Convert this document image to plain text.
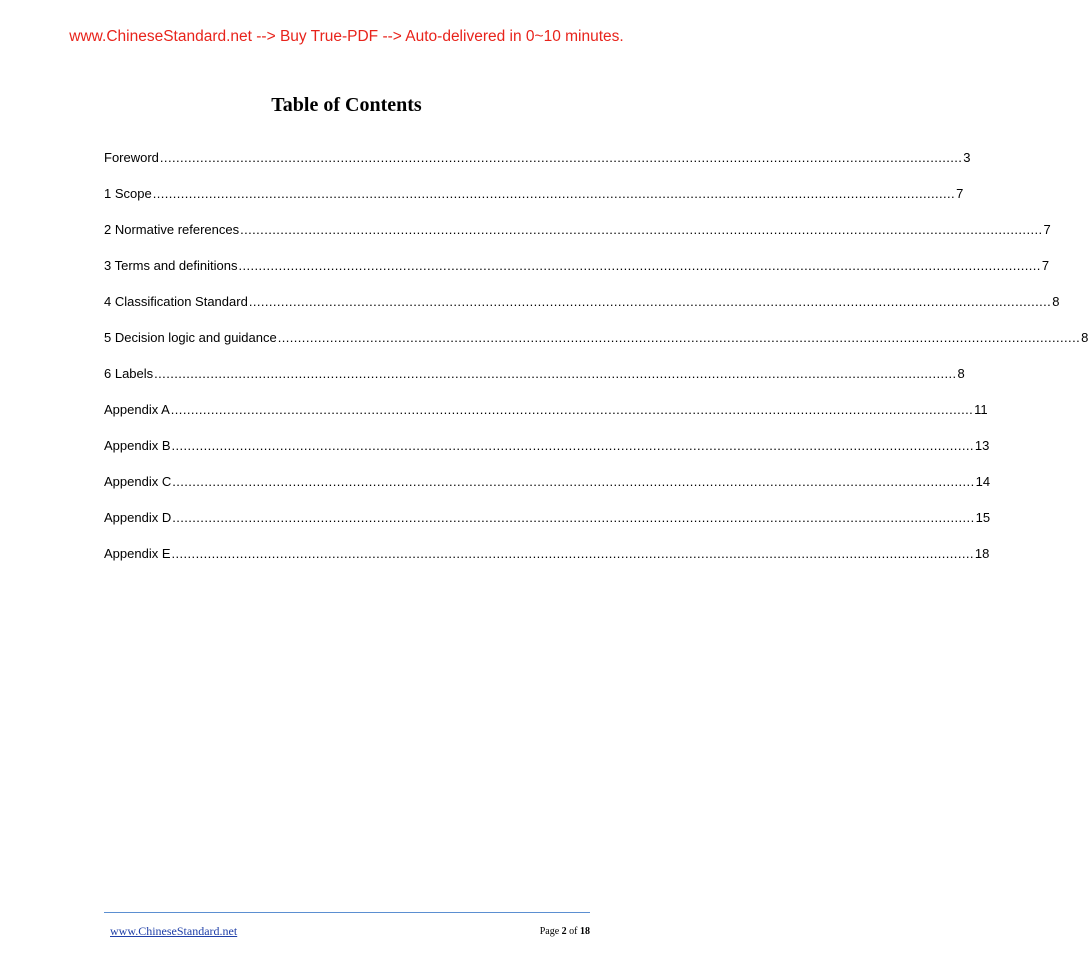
www.ChineseStandard.net --> Buy True-PDF --> Auto-delivered in 0~10 minutes.
Table of Contents
Foreword ........................................................................................................................................................................................................ 3
1 Scope ........................................................................................................................................................................................................ 7
2 Normative references ........................................................................................................................................................................................................ 7
3 Terms and definitions ........................................................................................................................................................................................................ 7
4 Classification Standard ........................................................................................................................................................................................................ 8
5 Decision logic and guidance ........................................................................................................................................................................................................ 8
6 Labels ........................................................................................................................................................................................................ 8
Appendix A ........................................................................................................................................................................................................ 11
Appendix B ........................................................................................................................................................................................................ 13
Appendix C ........................................................................................................................................................................................................ 14
Appendix D ........................................................................................................................................................................................................ 15
Appendix E ........................................................................................................................................................................................................ 18
www.ChineseStandard.net	Page 2 of 18
